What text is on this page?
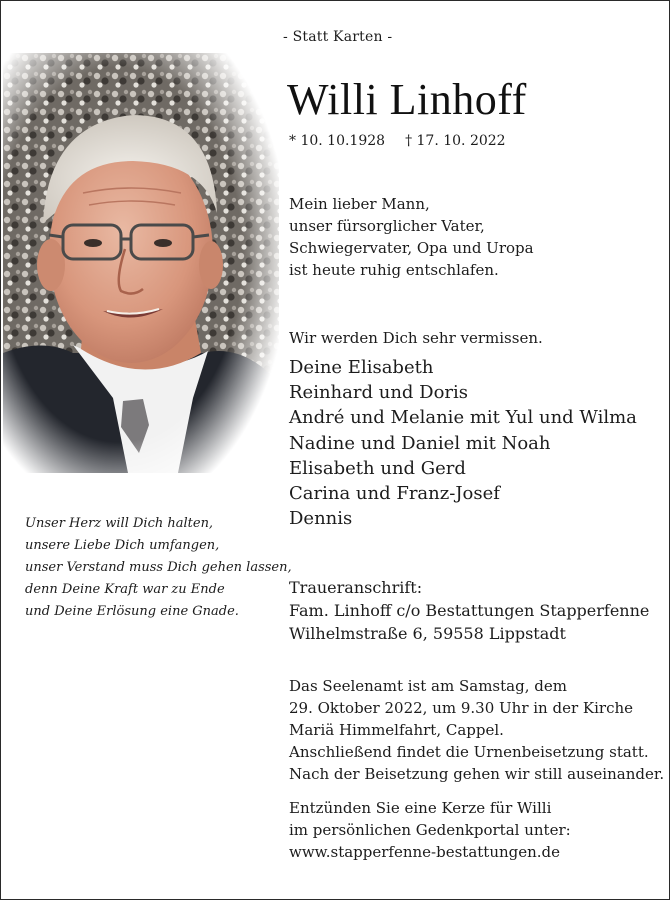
- Statt Karten -
Willi Linhoff
* 10. 10.1928 † 17. 10. 2022
Mein lieber Mann,
unser fürsorglicher Vater,
Schwiegervater, Opa und Uropa
ist heute ruhig entschlafen.
Wir werden Dich sehr vermissen.
Deine Elisabeth
Reinhard und Doris
André und Melanie mit Yul und Wilma
Nadine und Daniel mit Noah
Elisabeth und Gerd
Carina und Franz-Josef
Dennis
Unser Herz will Dich halten,
unsere Liebe Dich umfangen,
unser Verstand muss Dich gehen lassen,
denn Deine Kraft war zu Ende
und Deine Erlösung eine Gnade.
Traueranschrift:
Fam. Linhoff c/o Bestattungen Stapperfenne
Wilhelmstraße 6, 59558 Lippstadt
Das Seelenamt ist am Samstag, dem
29. Oktober 2022, um 9.30 Uhr in der Kirche
Mariä Himmelfahrt, Cappel.
Anschließend findet die Urnenbeisetzung statt.
Nach der Beisetzung gehen wir still auseinander.
Entzünden Sie eine Kerze für Willi
im persönlichen Gedenkportal unter:
www.stapperfenne-bestattungen.de
